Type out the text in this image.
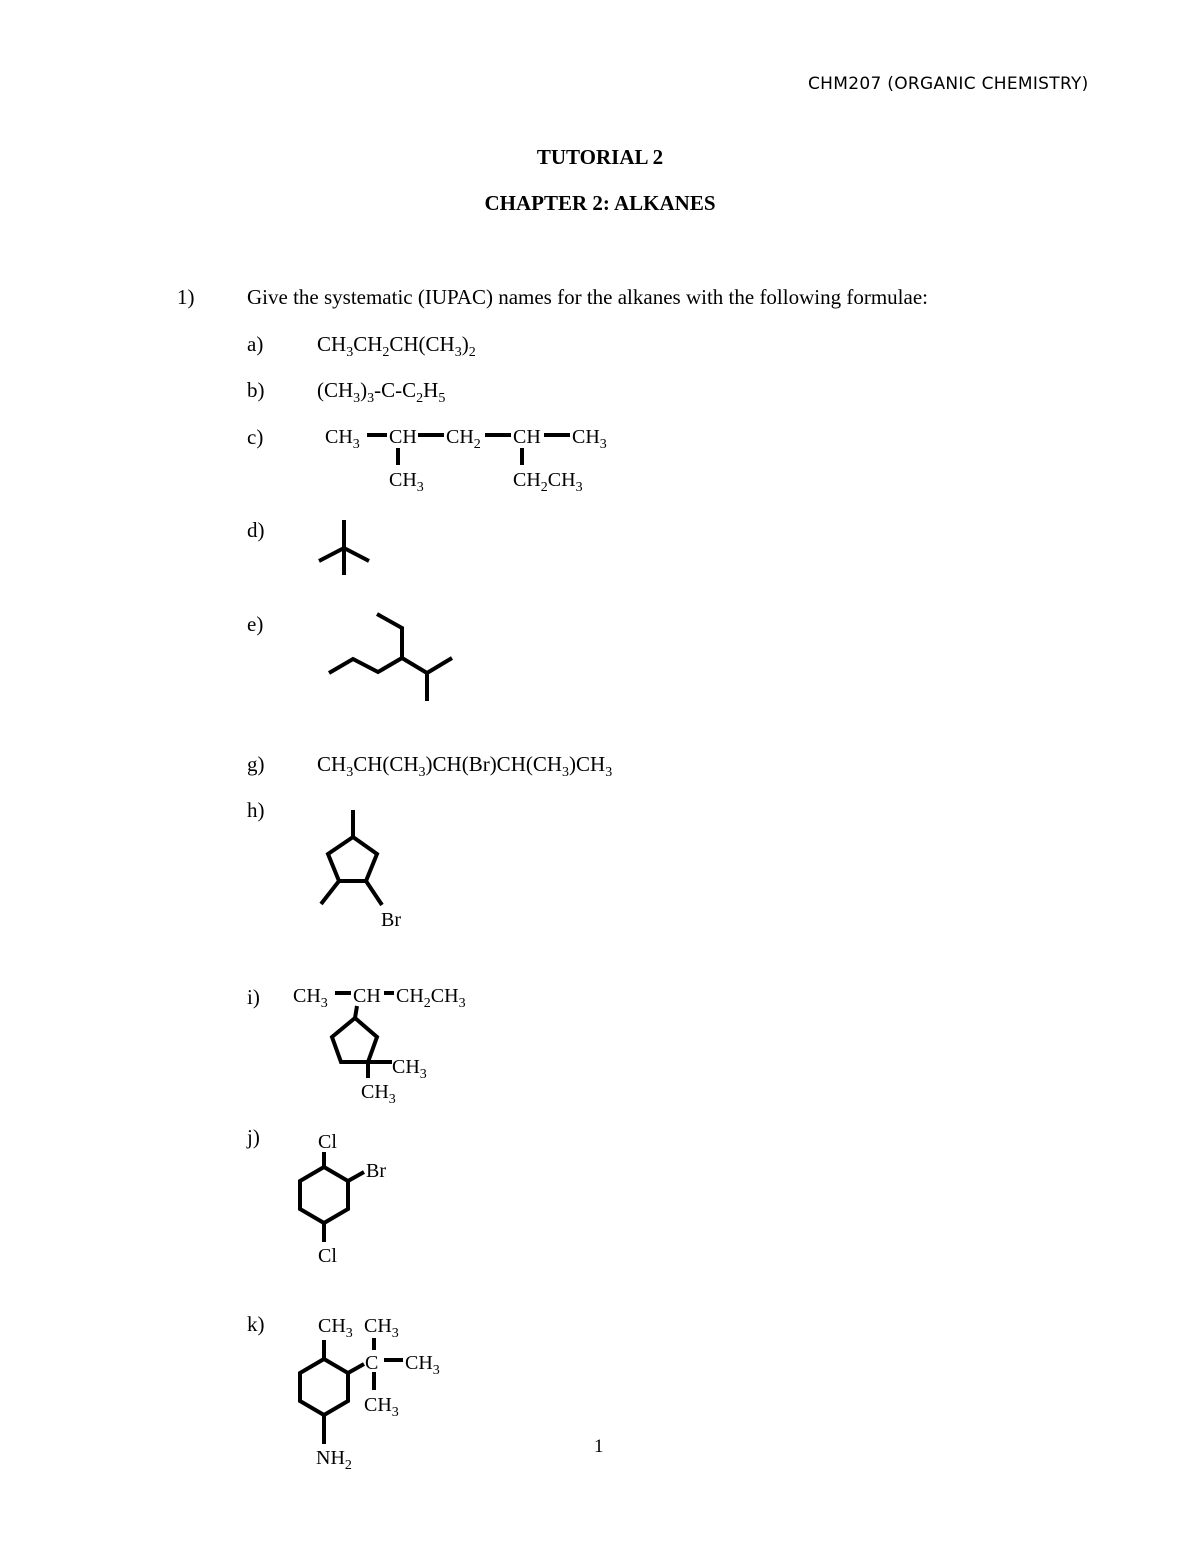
CHM207 (ORGANIC CHEMISTRY)
TUTORIAL 2
CHAPTER 2: ALKANES
1)	Give the systematic (IUPAC) names for the alkanes with the following formulae:
a)	$CH_3CH_2CH(CH_3)_2$
b)	$(CH_3)_3-C-C_2H_5$
c)	$CH_3$ CH $CH_2$ CH $CH_3$
$CH_3$	$CH_2CH_3$
d)
e)
g)	$CH_3CH(CH_3)CH(Br)CH(CH_3)CH_3$
h)
Br
i) $CH_3$ CH $CH_2CH_3$
$CH_3$
$CH_3$
j)	Cl
Br
Cl
k)	$CH_3$ $CH_3$
C $CH_3$
$CH_3$
$NH_2$
1
